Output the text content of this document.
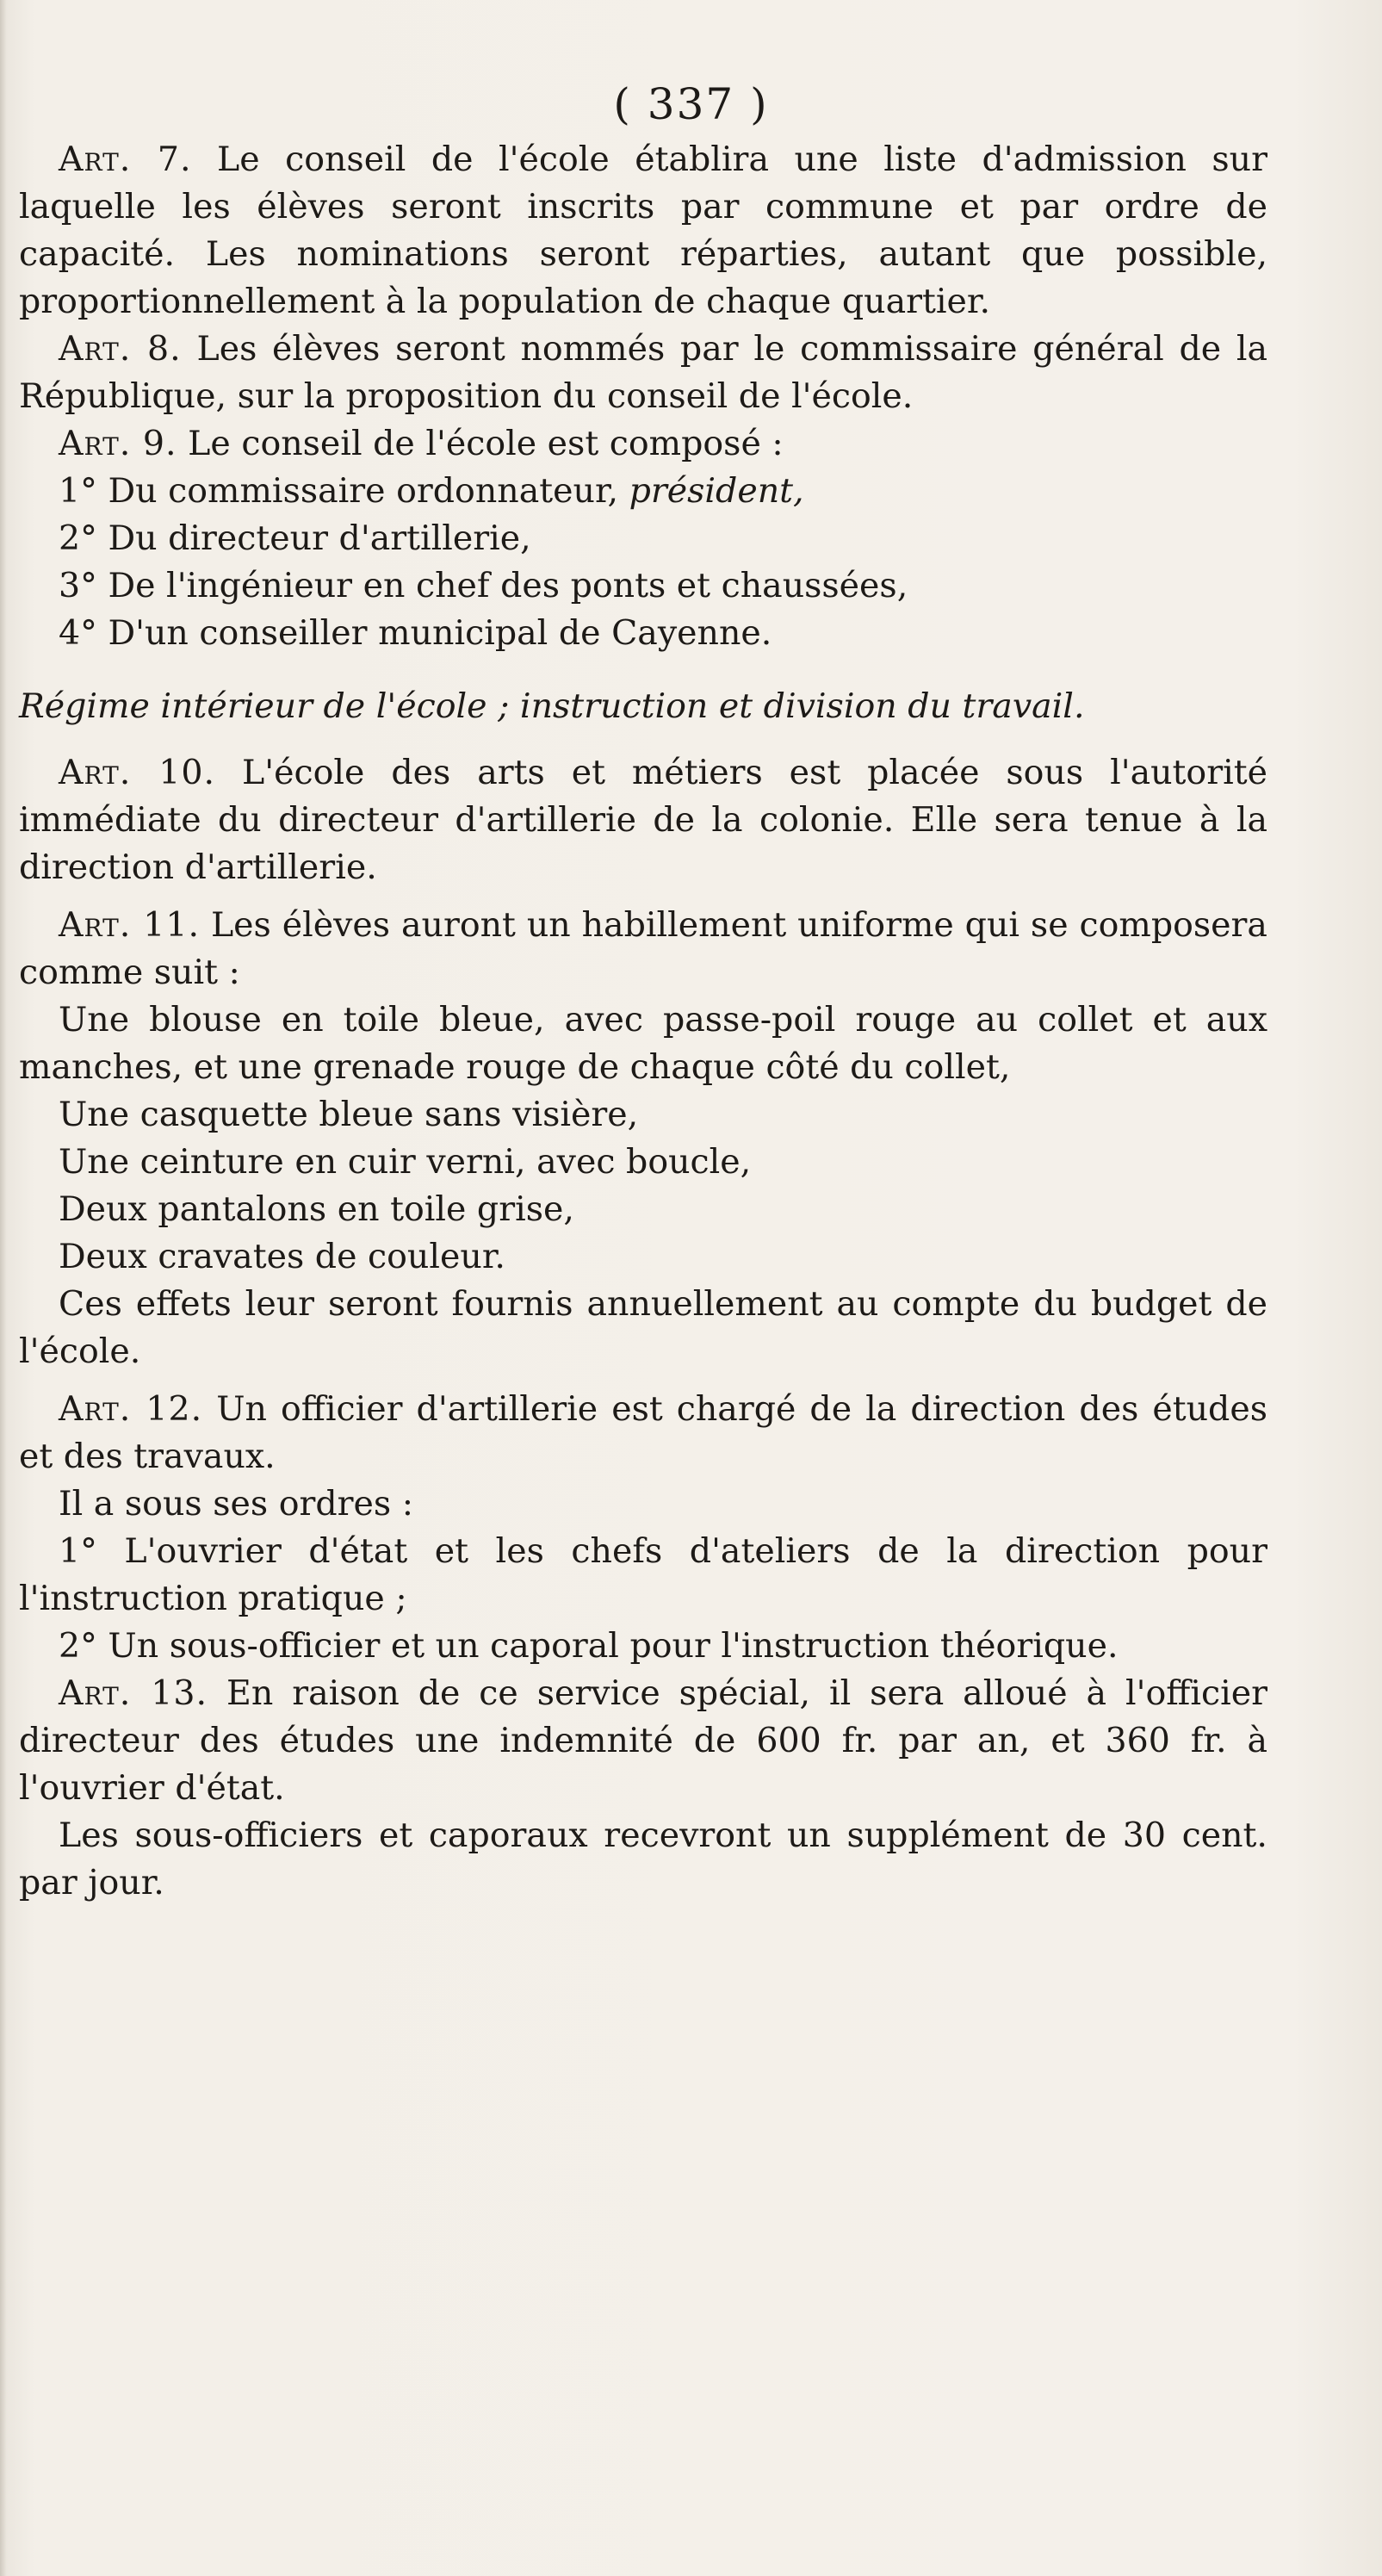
( 337 )

Art. 7. Le conseil de l'école établira une liste d'admission sur laquelle les élèves seront inscrits par commune et par ordre de capacité. Les nominations seront réparties, autant que possible, proportionnellement à la population de chaque quartier.

Art. 8. Les élèves seront nommés par le commissaire général de la République, sur la proposition du conseil de l'école.

Art. 9. Le conseil de l'école est composé :

1° Du commissaire ordonnateur, président,

2° Du directeur d'artillerie,

3° De l'ingénieur en chef des ponts et chaussées,

4° D'un conseiller municipal de Cayenne.

Régime intérieur de l'école ; instruction et division du travail.

Art. 10. L'école des arts et métiers est placée sous l'autorité immédiate du directeur d'artillerie de la colonie. Elle sera tenue à la direction d'artillerie.

Art. 11. Les élèves auront un habillement uniforme qui se composera comme suit :

Une blouse en toile bleue, avec passe-poil rouge au collet et aux manches, et une grenade rouge de chaque côté du collet,

Une casquette bleue sans visière,

Une ceinture en cuir verni, avec boucle,

Deux pantalons en toile grise,

Deux cravates de couleur.

Ces effets leur seront fournis annuellement au compte du budget de l'école.

Art. 12. Un officier d'artillerie est chargé de la direction des études et des travaux.

Il a sous ses ordres :

1° L'ouvrier d'état et les chefs d'ateliers de la direction pour l'instruction pratique ;

2° Un sous-officier et un caporal pour l'instruction théorique.

Art. 13. En raison de ce service spécial, il sera alloué à l'officier directeur des études une indemnité de 600 fr. par an, et 360 fr. à l'ouvrier d'état.

Les sous-officiers et caporaux recevront un supplément de 30 cent. par jour.
